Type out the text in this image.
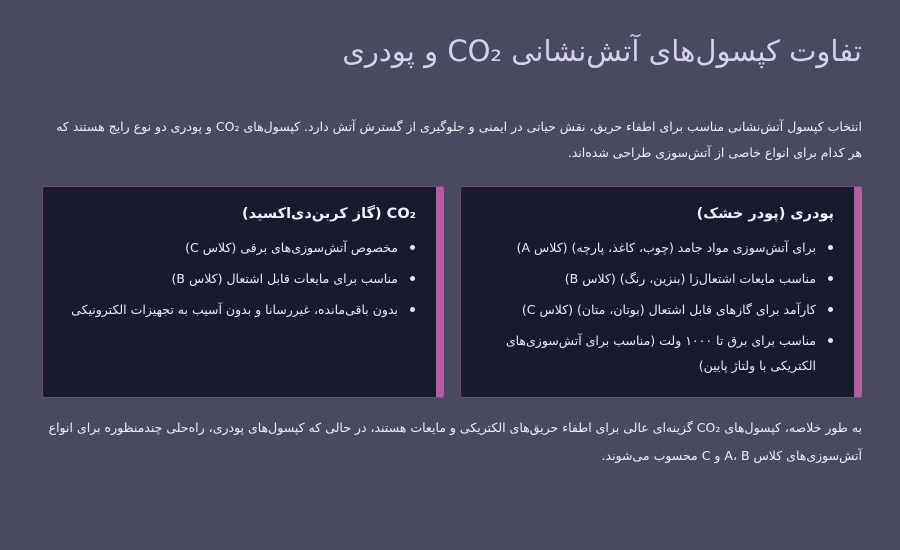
تفاوت کپسول‌های آتش‌نشانی CO₂ و پودری

انتخاب کپسول آتش‌نشانی مناسب برای اطفاء حریق، نقش حیاتی در ایمنی و جلوگیری از گسترش آتش دارد. کپسول‌های CO₂ و پودری دو نوع رایج هستند که هر کدام برای انواع خاصی از آتش‌سوزی طراحی شده‌اند.

پودری (پودر خشک)
برای آتش‌سوزی مواد جامد (چوب، کاغذ، پارچه) (کلاس A)
مناسب مایعات اشتعال‌زا (بنزین، رنگ) (کلاس B)
کارآمد برای گازهای قابل اشتعال (بوتان، متان) (کلاس C)
مناسب برای برق تا ۱۰۰۰ ولت (مناسب برای آتش‌سوزی‌های الکتریکی با ولتاژ پایین)
CO₂ (گاز کربن‌دی‌اکسید)
مخصوص آتش‌سوزی‌های برقی (کلاس C)
مناسب برای مایعات قابل اشتعال (کلاس B)
بدون باقی‌مانده، غیررسانا و بدون آسیب به تجهیزات الکترونیکی

به طور خلاصه، کپسول‌های CO₂ گزینه‌ای عالی برای اطفاء حریق‌های الکتریکی و مایعات هستند، در حالی که کپسول‌های پودری، راه‌حلی چندمنظوره برای انواع آتش‌سوزی‌های کلاس A، B و C محسوب می‌شوند.
